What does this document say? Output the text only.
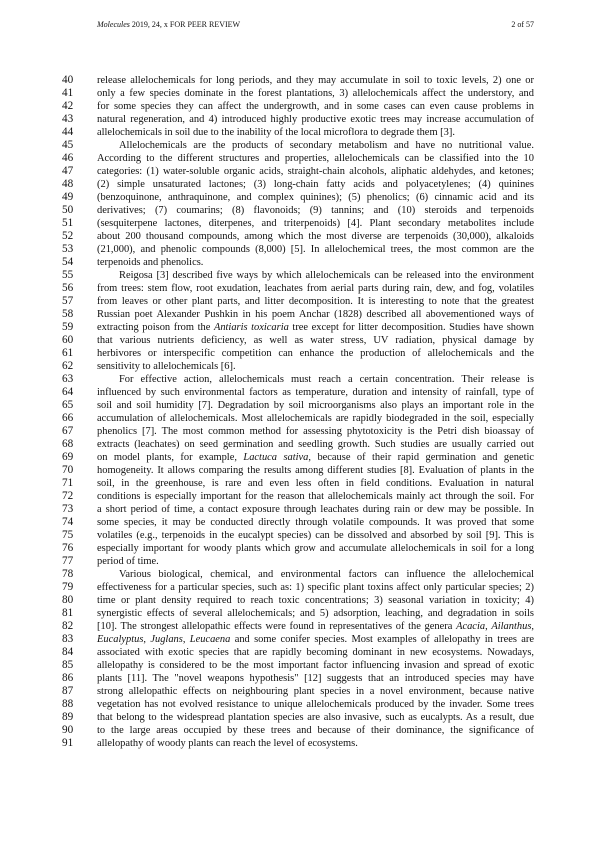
Molecules 2019, 24, x FOR PEER REVIEW	2 of 57
40	release allelochemicals for long periods, and they may accumulate in soil to toxic levels, 2) one or
41	only a few species dominate in the forest plantations, 3) allelochemicals affect the understory, and
42	for some species they can affect the undergrowth, and in some cases can even cause problems in
43	natural regeneration, and 4) introduced highly productive exotic trees may increase accumulation of
44	allelochemicals in soil due to the inability of the local microflora to degrade them [3].
45	Allelochemicals are the products of secondary metabolism and have no nutritional value.
46	According to the different structures and properties, allelochemicals can be classified into the 10
47	categories: (1) water-soluble organic acids, straight-chain alcohols, aliphatic aldehydes, and ketones;
48	(2) simple unsaturated lactones; (3) long-chain fatty acids and polyacetylenes; (4) quinines
49	(benzoquinone, anthraquinone, and complex quinines); (5) phenolics; (6) cinnamic acid and its
50	derivatives; (7) coumarins; (8) flavonoids; (9) tannins; and (10) steroids and terpenoids
51	(sesquiterpene lactones, diterpenes, and triterpenoids) [4]. Plant secondary metabolites include
52	about 200 thousand compounds, among which the most diverse are terpenoids (30,000), alkaloids
53	(21,000), and phenolic compounds (8,000) [5]. In allelochemical trees, the most common are the
54	terpenoids and phenolics.
55	Reigosa [3] described five ways by which allelochemicals can be released into the environment
56	from trees: stem flow, root exudation, leachates from aerial parts during rain, dew, and fog, volatiles
57	from leaves or other plant parts, and litter decomposition. It is interesting to note that the greatest
58	Russian poet Alexander Pushkin in his poem Anchar (1828) described all abovementioned ways of
59	extracting poison from the Antiaris toxicaria tree except for litter decomposition. Studies have shown
60	that various nutrients deficiency, as well as water stress, UV radiation, physical damage by
61	herbivores or interspecific competition can enhance the production of allelochemicals and the
62	sensitivity to allelochemicals [6].
63	For effective action, allelochemicals must reach a certain concentration. Their release is
64	influenced by such environmental factors as temperature, duration and intensity of rainfall, type of
65	soil and soil humidity [7]. Degradation by soil microorganisms also plays an important role in the
66	accumulation of allelochemicals. Most allelochemicals are rapidly biodegraded in the soil, especially
67	phenolics [7]. The most common method for assessing phytotoxicity is the Petri dish bioassay of
68	extracts (leachates) on seed germination and seedling growth. Such studies are usually carried out
69	on model plants, for example, Lactuca sativa, because of their rapid germination and genetic
70	homogeneity. It allows comparing the results among different studies [8]. Evaluation of plants in the
71	soil, in the greenhouse, is rare and even less often in field conditions. Evaluation in natural
72	conditions is especially important for the reason that allelochemicals mainly act through the soil. For
73	a short period of time, a contact exposure through leachates during rain or dew may be possible. In
74	some species, it may be conducted directly through volatile compounds. It was proved that some
75	volatiles (e.g., terpenoids in the eucalypt species) can be dissolved and absorbed by soil [9]. This is
76	especially important for woody plants which grow and accumulate allelochemicals in soil for a long
77	period of time.
78	Various biological, chemical, and environmental factors can influence the allelochemical
79	effectiveness for a particular species, such as: 1) specific plant toxins affect only particular species; 2)
80	time or plant density required to reach toxic concentrations; 3) seasonal variation in toxicity; 4)
81	synergistic effects of several allelochemicals; and 5) adsorption, leaching, and degradation in soils
82	[10]. The strongest allelopathic effects were found in representatives of the genera Acacia, Ailanthus,
83	Eucalyptus, Juglans, Leucaena and some conifer species. Most examples of allelopathy in trees are
84	associated with exotic species that are rapidly becoming dominant in new ecosystems. Nowadays,
85	allelopathy is considered to be the most important factor influencing invasion and spread of exotic
86	plants [11]. The "novel weapons hypothesis" [12] suggests that an introduced species may have
87	strong allelopathic effects on neighbouring plant species in a novel environment, because native
88	vegetation has not evolved resistance to unique allelochemicals produced by the invader. Some trees
89	that belong to the widespread plantation species are also invasive, such as eucalypts. As a result, due
90	to the large areas occupied by these trees and because of their dominance, the significance of
91	allelopathy of woody plants can reach the level of ecosystems.
